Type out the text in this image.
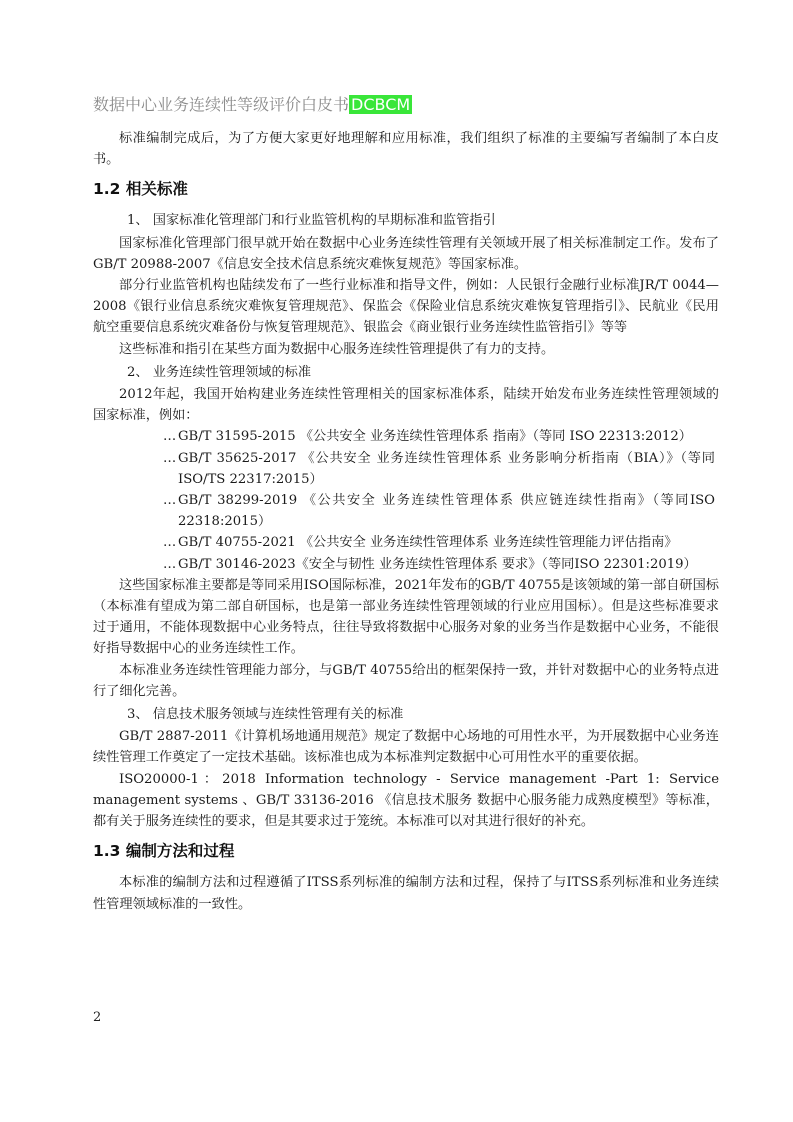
数据中心业务连续性等级评价白皮书 DCBCM

标准编制完成后，为了方便大家更好地理解和应用标准，我们组织了标准的主要编写者编制了本白皮书。

1.2 相关标准

1、 国家标准化管理部门和行业监管机构的早期标准和监管指引

国家标准化管理部门很早就开始在数据中心业务连续性管理有关领域开展了相关标准制定工作。发布了GB/T 20988-2007《信息安全技术信息系统灾难恢复规范》等国家标准。

部分行业监管机构也陆续发布了一些行业标准和指导文件，例如：人民银行金融行业标准JR/T 0044—2008《银行业信息系统灾难恢复管理规范》、保监会《保险业信息系统灾难恢复管理指引》、民航业《民用航空重要信息系统灾难备份与恢复管理规范》、银监会《商业银行业务连续性监管指引》等等

这些标准和指引在某些方面为数据中心服务连续性管理提供了有力的支持。

2、 业务连续性管理领域的标准

2012年起，我国开始构建业务连续性管理相关的国家标准体系，陆续开始发布业务连续性管理领域的国家标准，例如：

… GB/T 31595-2015 《公共安全 业务连续性管理体系 指南》（等同 ISO 22313:2012）

… GB/T 35625-2017 《公共安全 业务连续性管理体系 业务影响分析指南（BIA）》（等同 ISO/TS 22317:2015）

… GB/T 38299-2019 《公共安全 业务连续性管理体系 供应链连续性指南》（等同ISO 22318:2015）

… GB/T 40755-2021 《公共安全 业务连续性管理体系 业务连续性管理能力评估指南》

… GB/T 30146-2023《安全与韧性 业务连续性管理体系 要求》（等同ISO 22301:2019）

这些国家标准主要都是等同采用ISO国际标准，2021年发布的GB/T 40755是该领域的第一部自研国标（本标准有望成为第二部自研国标，也是第一部业务连续性管理领域的行业应用国标）。但是这些标准要求过于通用，不能体现数据中心业务特点，往往导致将数据中心服务对象的业务当作是数据中心业务，不能很好指导数据中心的业务连续性工作。

本标准业务连续性管理能力部分，与GB/T 40755给出的框架保持一致，并针对数据中心的业务特点进行了细化完善。

3、 信息技术服务领域与连续性管理有关的标准

GB/T 2887-2011《计算机场地通用规范》规定了数据中心场地的可用性水平，为开展数据中心业务连续性管理工作奠定了一定技术基础。该标准也成为本标准判定数据中心可用性水平的重要依据。

ISO20000-1：2018 Information technology - Service management -Part 1: Service management systems 、GB/T 33136-2016 《信息技术服务 数据中心服务能力成熟度模型》等标准，都有关于服务连续性的要求，但是其要求过于笼统。本标准可以对其进行很好的补充。

1.3 编制方法和过程

本标准的编制方法和过程遵循了ITSS系列标准的编制方法和过程，保持了与ITSS系列标准和业务连续性管理领域标准的一致性。

2
